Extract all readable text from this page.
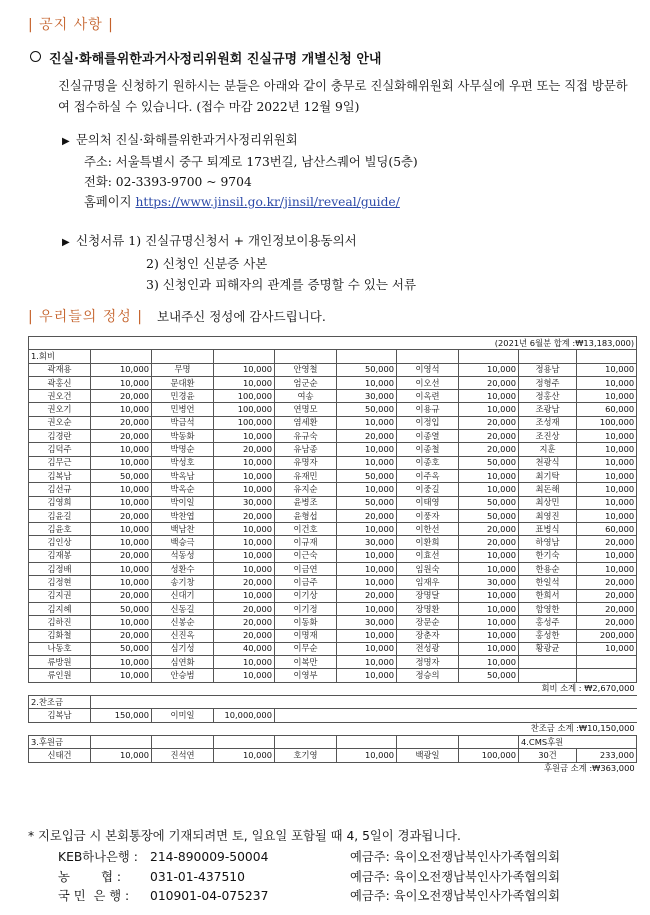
| 공지 사항 |
진실·화해를위한과거사정리위원회 진실규명 개별신청 안내
진실규명을 신청하기 원하시는 분들은 아래와 같이 충무로 진실화해위원회 사무실에 우편 또는 직접 방문하여 접수하실 수 있습니다. (접수 마감 2022년 12월 9일)
▶ 문의처 진실·화해를위한과거사정리위원회
주소: 서울특별시 중구 퇴계로 173번길, 남산스퀘어 빌딩(5층)
전화: 02-3393-9700 ~ 9704
홈페이지 https://www.jinsil.go.kr/jinsil/reveal/guide/
▶ 신청서류 1) 진실규명신청서 + 개인정보이용동의서
2) 신청인 신분증 사본
3) 신청인과 피해자의 관계를 증명할 수 있는 서류
| 우리들의 정성 | 보내주신 정성에 감사드립니다.
(2021년 6월분 합계 :₩13,183,000)									
1.회비									
곽재용	10,000	무명	10,000	안영철	50,000	이영석	10,000	정용남	10,000
곽홍신	10,000	문대환	10,000	엄군순	10,000	이오선	20,000	정형주	10,000
권오건	20,000	민경윤	100,000	여송	30,000	이옥련	10,000	정홍산	10,000
권오기	10,000	민병언	100,000	연명모	50,000	이용규	10,000	조광남	60,000
권오순	20,000	박금석	100,000	염세환	10,000	이정입	20,000	조성재	100,000
김경란	20,000	박동화	10,000	유규숙	20,000	이종열	20,000	조진상	10,000
김덕주	10,000	박명순	20,000	유남종	10,000	이종철	20,000	지훈	10,000
김무근	10,000	박성호	10,000	유명자	10,000	이종호	50,000	천광식	10,000
김복남	50,000	박옥남	10,000	유재민	50,000	이주옥	10,000	최기탁	10,000
김선규	10,000	박옥순	10,000	유지순	10,000	이중길	10,000	최돈해	10,000
김영희	10,000	박이일	30,000	윤병조	50,000	이태영	50,000	최상민	10,000
김윤길	20,000	박찬엽	20,000	윤형섭	20,000	이풍자	50,000	최영진	10,000
김윤호	10,000	백남찬	10,000	이건호	10,000	이한선	20,000	표병식	60,000
김인상	10,000	백승극	10,000	이규재	30,000	이환희	20,000	하영남	20,000
김재봉	20,000	석동성	10,000	이근숙	10,000	이효선	10,000	한기숙	10,000
김정배	10,000	성환수	10,000	이금연	10,000	임원숙	10,000	한용순	10,000
김정현	10,000	송기창	20,000	이금주	10,000	임재우	30,000	한일석	20,000
김지권	20,000	신대기	10,000	이기상	20,000	장명달	10,000	한희서	20,000
김지혜	50,000	신동길	20,000	이기정	10,000	장명환	10,000	함영한	20,000
김하진	10,000	신봉순	20,000	이동화	30,000	장문순	10,000	홍성주	20,000
김화철	20,000	신진옥	20,000	이명재	10,000	장춘자	10,000	홍성한	200,000
나동호	50,000	심기성	40,000	이무순	10,000	전성광	10,000	황광균	10,000
류방원	10,000	심연화	10,000	이복만	10,000	정명자	10,000		
류인원	10,000	안승범	10,000	이영부	10,000	정승의	50,000		
회비 소계 : ₩2,670,000									
2.찬조금									
김복남	150,000	이미일	10,000,000						
찬조금 소계 :₩10,150,000									
3.후원금								4.CMS후원	
신태건	10,000	진석연	10,000	호기영	10,000	백광일	100,000	30건	233,000
후원금 소계 :₩363,000									
* 지로입금 시 본회통장에 기재되려면 토, 일요일 포함될 때 4, 5일이 경과됩니다.
KEB하나은행 : 214-890009-50004	예금주: 육이오전쟁납북인사가족협의회
농        협 :	031-01-437510	예금주: 육이오전쟁납북인사가족협의회
국 민  은 행 :	010901-04-075237	예금주: 육이오전쟁납북인사가족협의회
